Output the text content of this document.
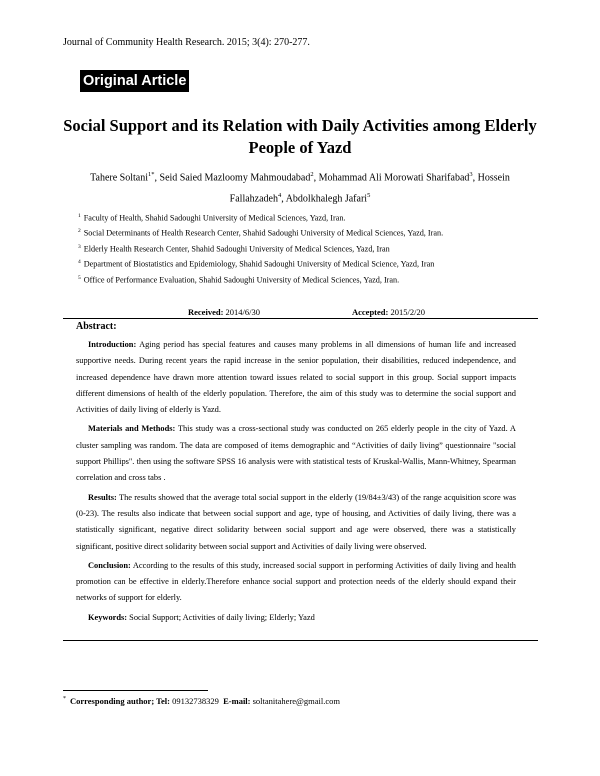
Journal of Community Health Research. 2015; 3(4): 270-277.
Original Article
Social Support and its Relation with Daily Activities among Elderly People of Yazd
Tahere Soltani$^{1*}$, Seid Saied Mazloomy Mahmoudabad$^2$, Mohammad Ali Morowati Sharifabad$^3$, Hossein Fallahzadeh$^4$, Abdolkhalegh Jafari$^5$
$^1$ Faculty of Health, Shahid Sadoughi University of Medical Sciences, Yazd, Iran.
$^2$ Social Determinants of Health Research Center, Shahid Sadoughi University of Medical Sciences, Yazd, Iran.
$^3$ Elderly Health Research Center, Shahid Sadoughi University of Medical Sciences, Yazd, Iran
$^4$ Department of Biostatistics and Epidemiology, Shahid Sadoughi University of Medical Science, Yazd, Iran
$^5$ Office of Performance Evaluation, Shahid Sadoughi University of Medical Sciences, Yazd, Iran.
Received: 2014/6/30	Accepted: 2015/2/20
Abstract:

Introduction: Aging period has special features and causes many problems in all dimensions of human life and increased supportive needs. During recent years the rapid increase in the senior population, their disabilities, reduced independence, and increased dependence have drawn more attention toward issues related to social support in this group. Social support impacts different dimensions of health of the elderly population. Therefore, the aim of this study was to determine the social support and Activities of daily living of elderly is Yazd.

Materials and Methods: This study was a cross-sectional study was conducted on 265 elderly people in the city of Yazd. A cluster sampling was random. The data are composed of items demographic and “Activities of daily living” questionnaire "social support Phillips". then using the software SPSS 16 analysis were with statistical tests of Kruskal-Wallis, Mann-Whitney, Spearman correlation and cross tabs .

Results: The results showed that the average total social support in the elderly (19/84±3/43) of the range acquisition score was (0-23). The results also indicate that between social support and age, type of housing, and Activities of daily living, there was a statistically significant, negative direct solidarity between social support and age were observed, there was a statistically significant, positive direct solidarity between social support and Activities of daily living were observed.

Conclusion: According to the results of this study, increased social support in performing Activities of daily living and health promotion can be effective in elderly.Therefore enhance social support and protection needs of the elderly should expand their networks of support for elderly.

Keywords: Social Support; Activities of daily living; Elderly; Yazd

* Corresponding author; Tel: 09132738329 E-mail: soltanitahere@gmail.com
